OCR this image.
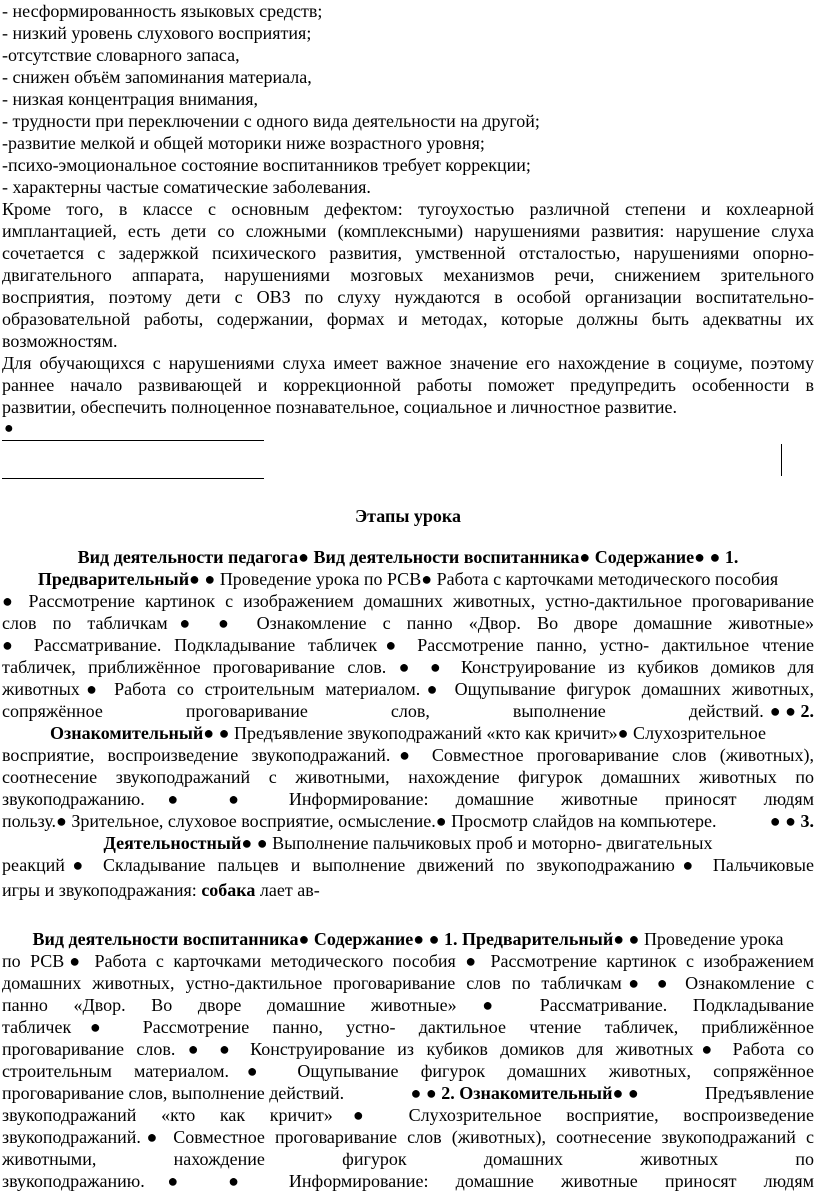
- несформированность языковых средств;
- низкий уровень слухового восприятия;
-отсутствие словарного запаса,
- снижен объём запоминания материала,
- низкая концентрация внимания,
- трудности при переключении с одного вида деятельности на другой;
-развитие мелкой и общей моторики ниже возрастного уровня;
-психо-эмоциональное состояние воспитанников требует коррекции;
- характерны частые соматические заболевания.
Кроме того, в классе с основным дефектом: тугоухостью различной степени и кохлеарной
имплантацией, есть дети со сложными (комплексными) нарушениями развития: нарушение слуха
сочетается с задержкой психического развития, умственной отсталостью, нарушениями опорно-
двигательного аппарата, нарушениями мозговых механизмов речи, снижением зрительного
восприятия, поэтому дети с ОВЗ по слуху нуждаются в особой организации воспитательно-
образовательной работы, содержании, формах и методах, которые должны быть адекватны их
возможностям.
Для обучающихся с нарушениями слуха имеет важное значение его нахождение в социуме, поэтому
раннее начало развивающей и коррекционной работы поможет предупредить особенности в
развитии, обеспечить полноценное познавательное, социальное и личностное развитие.
●
Этапы урока
Вид деятельности педагога● Вид деятельности воспитанника● Содержание● ● 1.
Предварительный● ● Проведение урока по РСВ● Работа с карточками методического пособия
● Рассмотрение картинок с изображением домашних животных, устно-дактильное проговаривание
слов по табличкам● ● Ознакомление с панно «Двор. Во дворе домашние животные»
● Рассматривание. Подкладывание табличек● Рассмотрение панно, устно- дактильное чтение
табличек, приближённое проговаривание слов. ● ● Конструирование из кубиков домиков для
животных● Работа со строительным материалом.● Ощупывание фигурок домашних животных,
сопряжённое проговаривание слов, выполнение действий. ● ● 2.
Ознакомительный● ● Предъявление звукоподражаний «кто как кричит»● Слухозрительное
восприятие, воспроизведение звукоподражаний.● Совместное проговаривание слов (животных),
соотнесение звукоподражаний с животными, нахождение фигурок домашних животных по
звукоподражанию.● ● Информирование: домашние животные приносят людям
пользу.● Зрительное, слуховое восприятие, осмысление.● Просмотр слайдов на компьютере.	● ● 3.
Деятельностный● ● Выполнение пальчиковых проб и моторно- двигательных
реакций● Складывание пальцев и выполнение движений по звукоподражанию● Пальчиковые
игры и звукоподражания: собака лает ав-
Вид деятельности воспитанника● Содержание● ● 1. Предварительный● ● Проведение урока
по РСВ● Работа с карточками методического пособия ● Рассмотрение картинок с изображением
домашних животных, устно-дактильное проговаривание слов по табличкам● ● Ознакомление с
панно «Двор. Во дворе домашние животные» ● Рассматривание. Подкладывание
табличек● Рассмотрение панно, устно- дактильное чтение табличек, приближённое
проговаривание слов. ● ● Конструирование из кубиков домиков для животных● Работа со
строительным материалом.● Ощупывание фигурок домашних животных, сопряжённое
проговаривание слов, выполнение действий.	● ● 2. Ознакомительный● ●	Предъявление
звукоподражаний «кто как кричит»● Слухозрительное восприятие, воспроизведение
звукоподражаний.● Совместное проговаривание слов (животных), соотнесение звукоподражаний с
животными, нахождение фигурок домашних животных по
звукоподражанию.● ● Информирование: домашние животные приносят людям
